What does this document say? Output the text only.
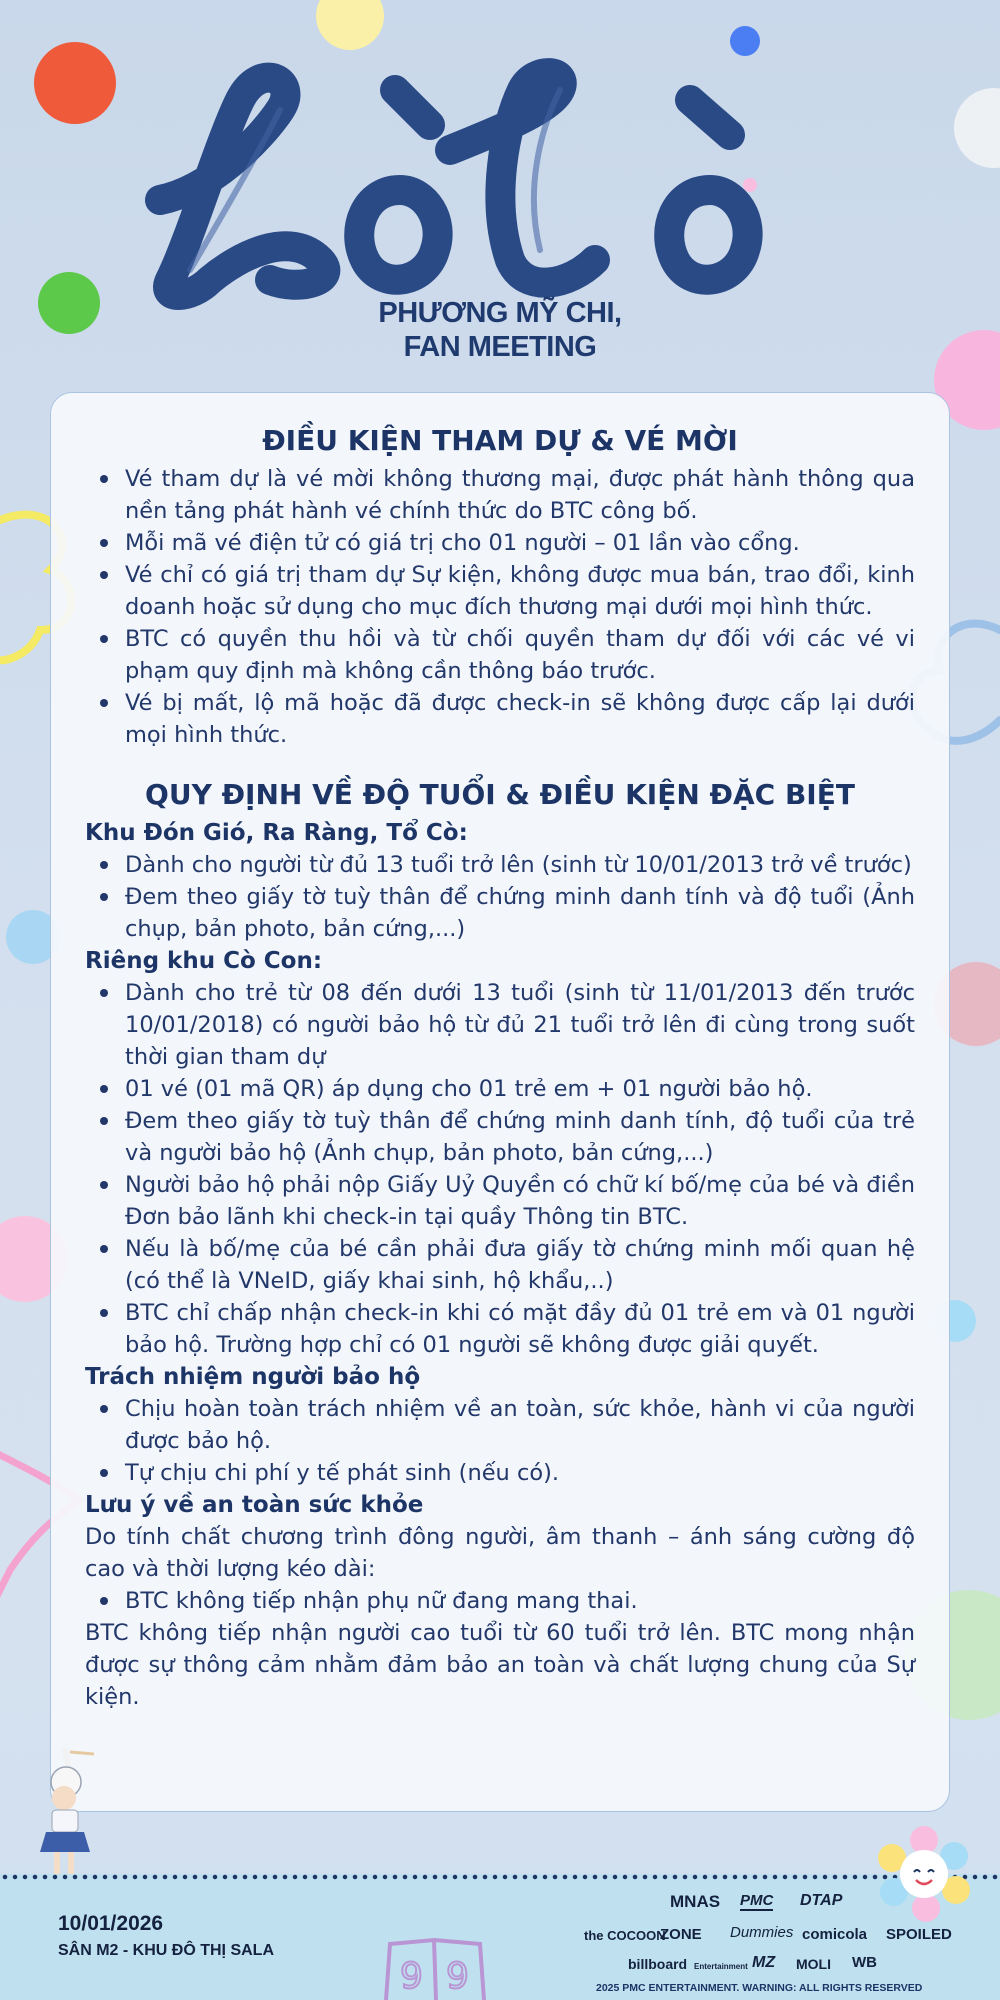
PHƯƠNG MỸ CHI,
FAN MEETING
ĐIỀU KIỆN THAM DỰ & VÉ MỜI
Vé tham dự là vé mời không thương mại, được phát hành thông qua nền tảng phát hành vé chính thức do BTC công bố.
Mỗi mã vé điện tử có giá trị cho 01 người – 01 lần vào cổng.
Vé chỉ có giá trị tham dự Sự kiện, không được mua bán, trao đổi, kinh doanh hoặc sử dụng cho mục đích thương mại dưới mọi hình thức.
BTC có quyền thu hồi và từ chối quyền tham dự đối với các vé vi phạm quy định mà không cần thông báo trước.
Vé bị mất, lộ mã hoặc đã được check-in sẽ không được cấp lại dưới mọi hình thức.
QUY ĐỊNH VỀ ĐỘ TUỔI & ĐIỀU KIỆN ĐẶC BIỆT
Khu Đón Gió, Ra Ràng, Tổ Cò:
Dành cho người từ đủ 13 tuổi trở lên (sinh từ 10/01/2013 trở về trước)
Đem theo giấy tờ tuỳ thân để chứng minh danh tính và độ tuổi (Ảnh chụp, bản photo, bản cứng,...)
Riêng khu Cò Con:
Dành cho trẻ từ 08 đến dưới 13 tuổi (sinh từ 11/01/2013 đến trước 10/01/2018) có người bảo hộ từ đủ 21 tuổi trở lên đi cùng trong suốt thời gian tham dự
01 vé (01 mã QR) áp dụng cho 01 trẻ em + 01 người bảo hộ.
Đem theo giấy tờ tuỳ thân để chứng minh danh tính, độ tuổi của trẻ và người bảo hộ (Ảnh chụp, bản photo, bản cứng,...)
Người bảo hộ phải nộp Giấy Uỷ Quyền có chữ kí bố/mẹ của bé và điền Đơn bảo lãnh khi check-in tại quầy Thông tin BTC.
Nếu là bố/mẹ của bé cần phải đưa giấy tờ chứng minh mối quan hệ (có thể là VNeID, giấy khai sinh, hộ khẩu,..)
BTC chỉ chấp nhận check-in khi có mặt đầy đủ 01 trẻ em và 01 người bảo hộ. Trường hợp chỉ có 01 người sẽ không được giải quyết.
Trách nhiệm người bảo hộ
Chịu hoàn toàn trách nhiệm về an toàn, sức khỏe, hành vi của người được bảo hộ.
Tự chịu chi phí y tế phát sinh (nếu có).
Lưu ý về an toàn sức khỏe

Do tính chất chương trình đông người, âm thanh – ánh sáng cường độ cao và thời lượng kéo dài:

BTC không tiếp nhận phụ nữ đang mang thai.

BTC không tiếp nhận người cao tuổi từ 60 tuổi trở lên. BTC mong nhận được sự thông cảm nhằm đảm bảo an toàn và chất lượng chung của Sự kiện.

10/01/2026
SÂN M2 - KHU ĐÔ THỊ SALA
9 9
MNAS PMC DTAP
the COCOON
ZONE Dummies comicola SPOILED
billboard Entertainment MZ MOLI WB
2025 PMC ENTERTAINMENT. WARNING: ALL RIGHTS RESERVED
